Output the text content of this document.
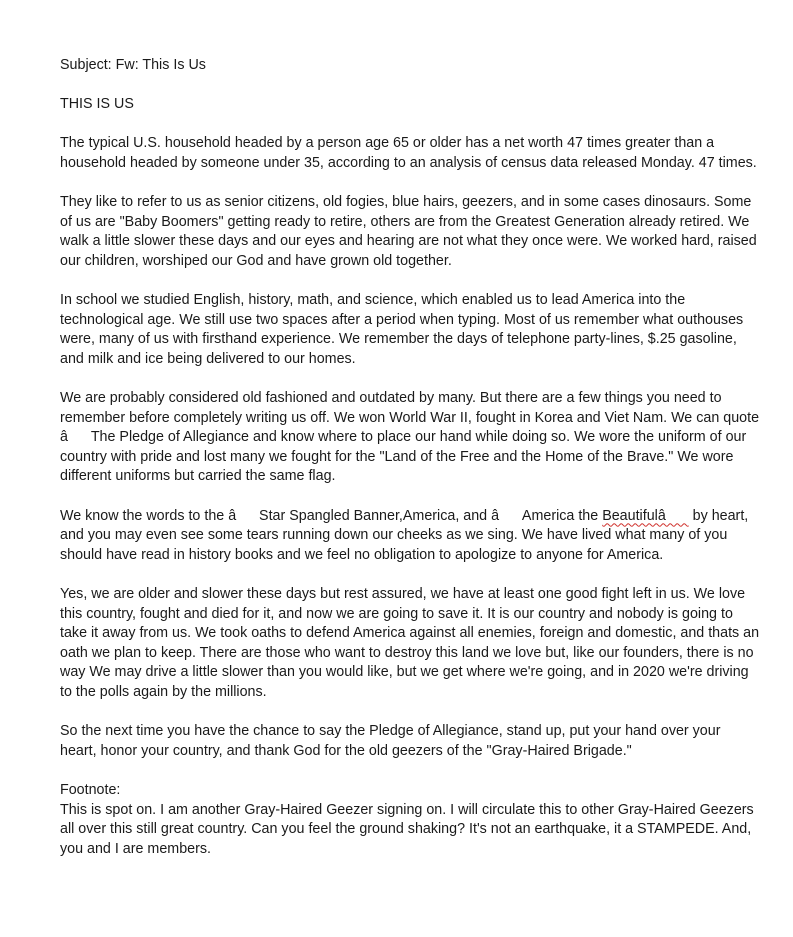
Subject: Fw: This Is Us

THIS IS US

The typical U.S. household headed by a person age 65 or older has a net worth 47 times greater than a household headed by someone under 35, according to an analysis of census data released Monday. 47 times.

They like to refer to us as senior citizens, old fogies, blue hairs, geezers, and in some cases dinosaurs. Some of us are "Baby Boomers" getting ready to retire, others are from the Greatest Generation already retired. We walk a little slower these days and our eyes and hearing are not what they once were. We worked hard, raised our children, worshiped our God and have grown old together.

In school we studied English, history, math, and science, which enabled us to lead America into the technological age. We still use two spaces after a period when typing. Most of us remember what outhouses were, many of us with firsthand experience. We remember the days of telephone party-lines, $.25 gasoline, and milk and ice being delivered to our homes.

We are probably considered old fashioned and outdated by many. But there are a few things you need to remember before completely writing us off. We won World War II, fought in Korea and Viet Nam. We can quote âThe Pledge of Allegiance and know where to place our hand while doing so. We wore the uniform of our country with pride and lost many we fought for the "Land of the Free and the Home of the Brave." We wore different uniforms but carried the same flag.

We know the words to the âStar Spangled Banner,America, and âAmerica the Beautifulâ by heart, and you may even see some tears running down our cheeks as we sing. We have lived what many of you should have read in history books and we feel no obligation to apologize to anyone for America.

Yes, we are older and slower these days but rest assured, we have at least one good fight left in us. We love this country, fought and died for it, and now we are going to save it. It is our country and nobody is going to take it away from us. We took oaths to defend America against all enemies, foreign and domestic, and thats an oath we plan to keep. There are those who want to destroy this land we love but, like our founders, there is no way We may drive a little slower than you would like, but we get where we're going, and in 2020 we're driving to the polls again by the millions.

So the next time you have the chance to say the Pledge of Allegiance, stand up, put your hand over your heart, honor your country, and thank God for the old geezers of the "Gray-Haired Brigade."

Footnote:

This is spot on. I am another Gray-Haired Geezer signing on. I will circulate this to other Gray-Haired Geezers all over this still great country. Can you feel the ground shaking? It's not an earthquake, it a STAMPEDE. And, you and I are members.
